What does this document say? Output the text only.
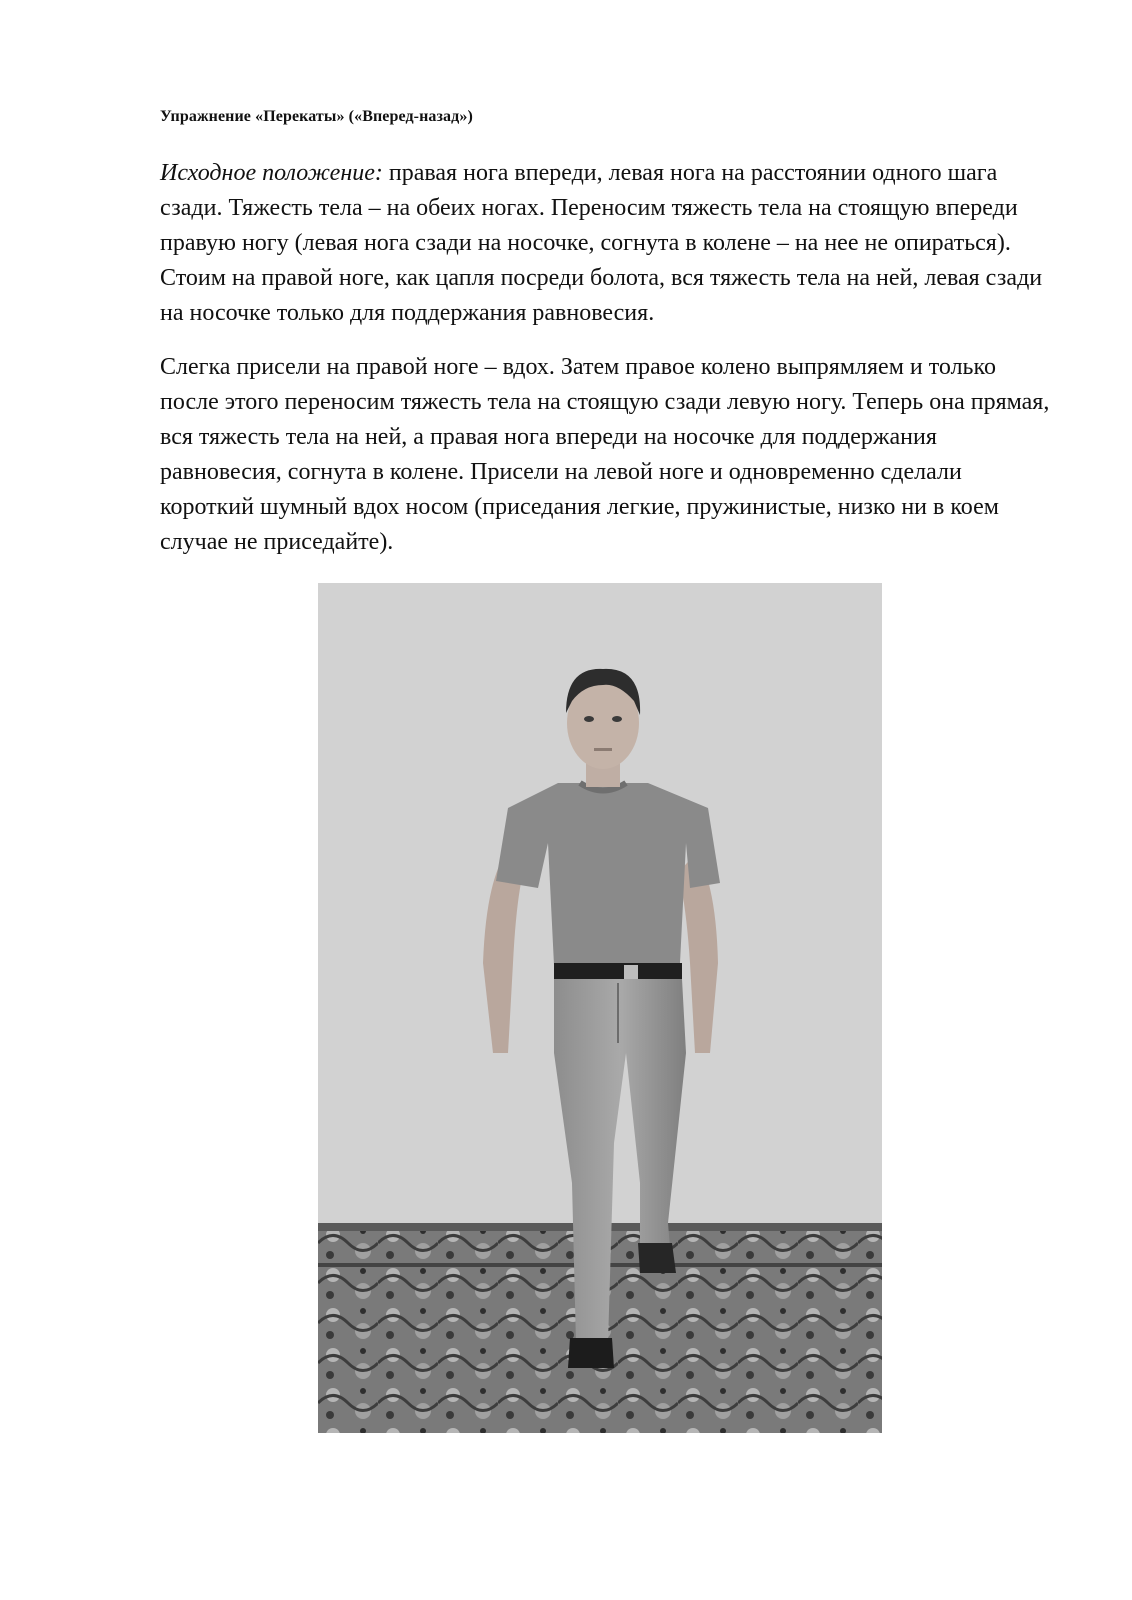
Упражнение «Перекаты» («Вперед-назад»)

Исходное положение: правая нога впереди, левая нога на расстоянии одного шага сзади. Тяжесть тела – на обеих ногах. Переносим тяжесть тела на стоящую впереди правую ногу (левая нога сзади на носочке, согнута в колене – на нее не опираться). Стоим на правой ноге, как цапля посреди болота, вся тяжесть тела на ней, левая сзади на носочке только для поддержания равновесия.

Слегка присели на правой ноге – вдох. Затем правое колено выпрямляем и только после этого переносим тяжесть тела на стоящую сзади левую ногу. Теперь она прямая, вся тяжесть тела на ней, а правая нога впереди на носочке для поддержания равновесия, согнута в колене. Присели на левой ноге и одновременно сделали короткий шумный вдох носом (приседания легкие, пружинистые, низко ни в коем случае не приседайте).
